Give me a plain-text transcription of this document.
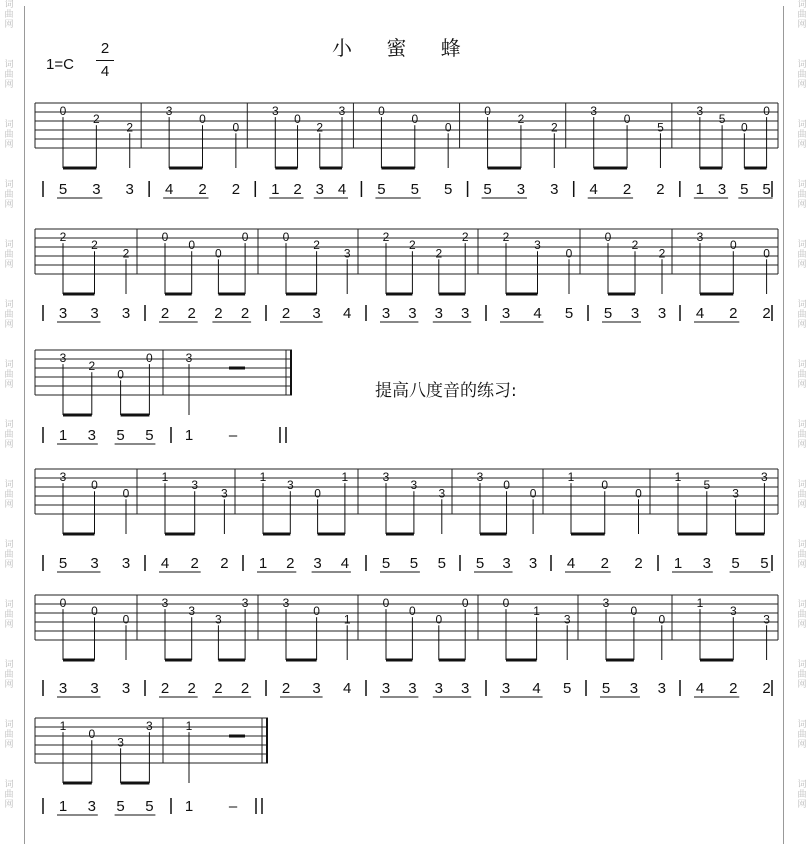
词
曲
网
词
曲
网
词
曲
网
词
曲
网
词
曲
网
词
曲
网
词
曲
网
词
曲
网
词
曲
网
词
曲
网
词
曲
网
词
曲
网
词
曲
网
词
曲
网
词
曲
网
词
曲
网
词
曲
网
词
曲
网
词
曲
网
词
曲
网
词
曲
网
词
曲
网
词
曲
网
词
曲
网
词
曲
网
词
曲
网
词
曲
网
词
曲
网
小 蜜 蜂
$1=C \frac{2}{4}$
提高八度音的练习:
0
2
2
5 3 3
3
0
0
4 2 2
3
0
2
3
1 2 3 4
0
0
0
5 5 5
0
2
2
5 3 3
3
0
5
4 2 2
3
5
0
0
1 3 5 5
2
2
2
3 3 3
0
0
0
0
2 2 2 2
0
2
3
2 3 4
2
2
2
2
3 3 3 3
2
3
0
3 4 5
0
2
2
5 3 3
3
0
0
4 2 2
3
2
0
0
1 3 5 5
3
1 –
3
0
0
5 3 3
1
3
3
4 2 2
1
3
0
1
1 2 3 4
3
3
3
5 5 5
3
0
0
5 3 3
1
0
0
4 2 2
1
5
3
3
1 3 5 5
0
0
0
3 3 3
3
3
3
3
2 2 2 2
3
0
1
2 3 4
0
0
0
0
3 3 3 3
0
1
3
3 4 5
3
0
0
5 3 3
1
3
3
4 2 2
1
0
3
3
1 3 5 5
1
1 –
